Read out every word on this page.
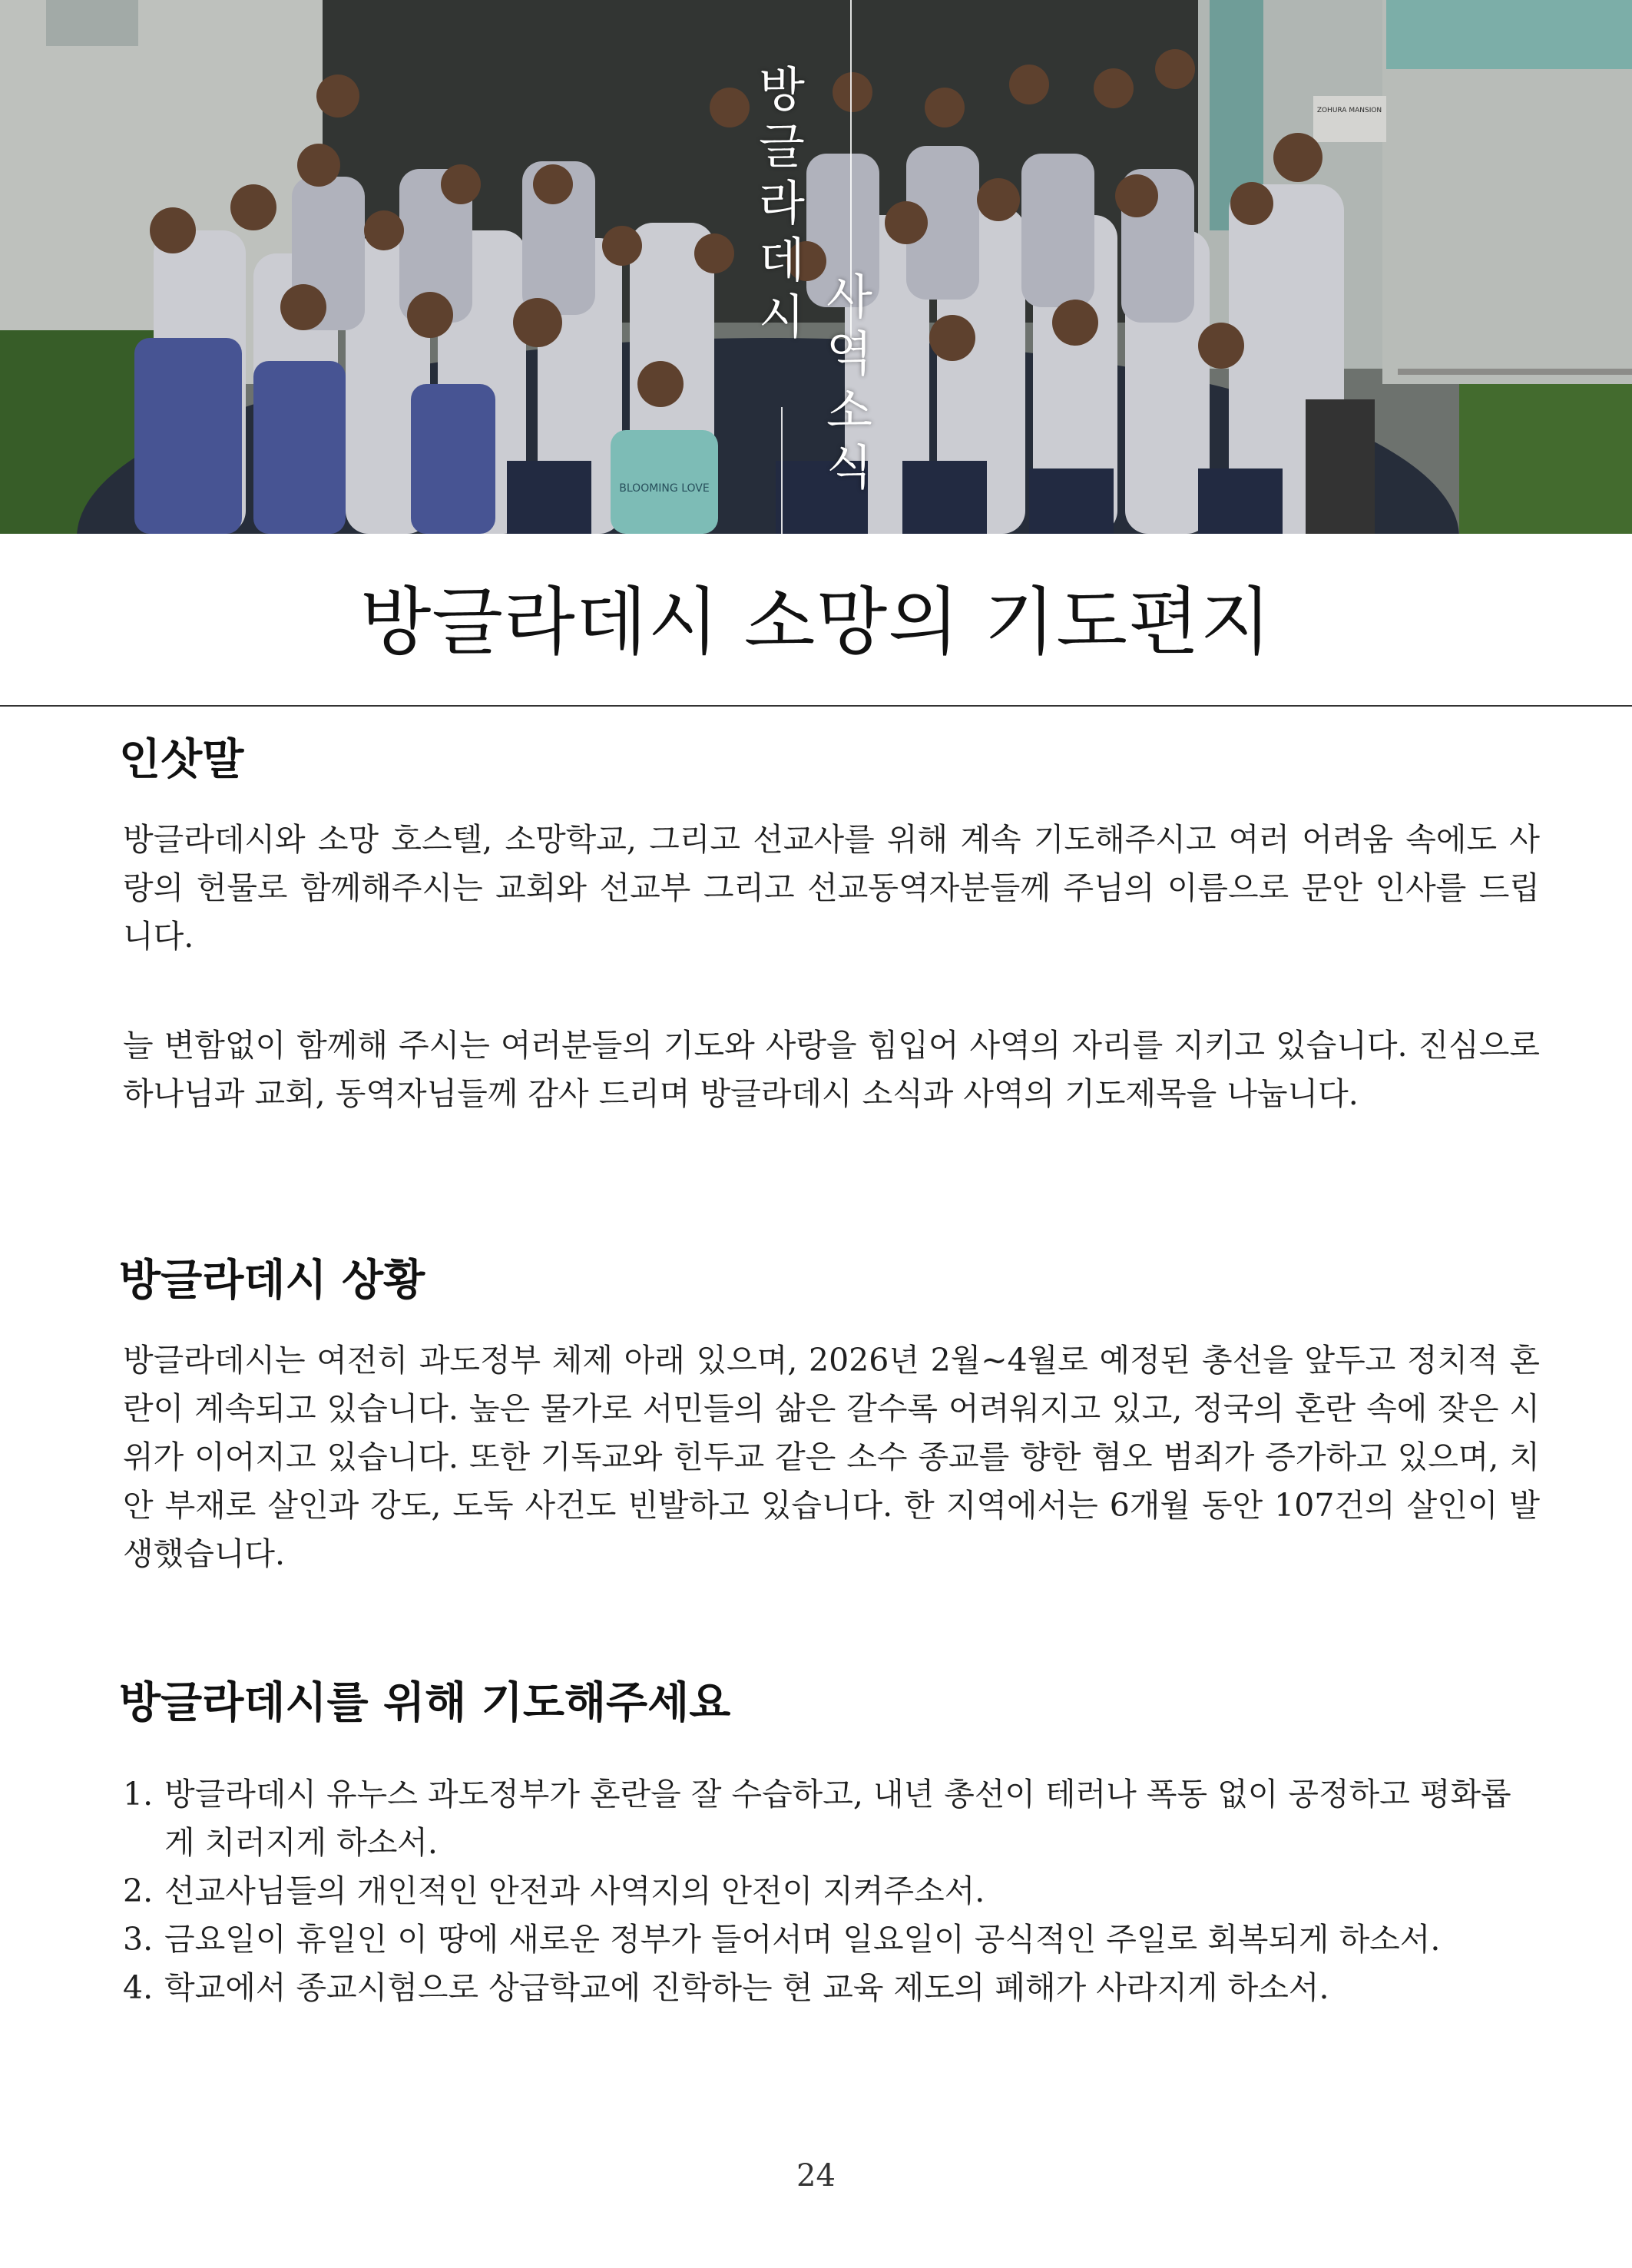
방
글
라
데
시 사
역
소
식
방글라데시 소망의 기도편지
인삿말

방글라데시와 소망 호스텔, 소망학교, 그리고 선교사를 위해 계속 기도해주시고 여러 어려움 속에도 사랑의 헌물로 함께해주시는 교회와 선교부 그리고 선교동역자분들께 주님의 이름으로 문안 인사를 드립니다.

늘 변함없이 함께해 주시는 여러분들의 기도와 사랑을 힘입어 사역의 자리를 지키고 있습니다. 진심으로 하나님과 교회, 동역자님들께 감사 드리며 방글라데시 소식과 사역의 기도제목을 나눕니다.

방글라데시 상황

방글라데시는 여전히 과도정부 체제 아래 있으며, 2026년 2월~4월로 예정된 총선을 앞두고 정치적 혼란이 계속되고 있습니다. 높은 물가로 서민들의 삶은 갈수록 어려워지고 있고, 정국의 혼란 속에 잦은 시위가 이어지고 있습니다. 또한 기독교와 힌두교 같은 소수 종교를 향한 혐오 범죄가 증가하고 있으며, 치안 부재로 살인과 강도, 도둑 사건도 빈발하고 있습니다. 한 지역에서는 6개월 동안 107건의 살인이 발생했습니다.

방글라데시를 위해 기도해주세요
1. 방글라데시 유누스 과도정부가 혼란을 잘 수습하고, 내년 총선이 테러나 폭동 없이 공정하고 평화롭게 치러지게 하소서.
2. 선교사님들의 개인적인 안전과 사역지의 안전이 지켜주소서.
3. 금요일이 휴일인 이 땅에 새로운 정부가 들어서며 일요일이 공식적인 주일로 회복되게 하소서.
4. 학교에서 종교시험으로 상급학교에 진학하는 현 교육 제도의 폐해가 사라지게 하소서.
24
